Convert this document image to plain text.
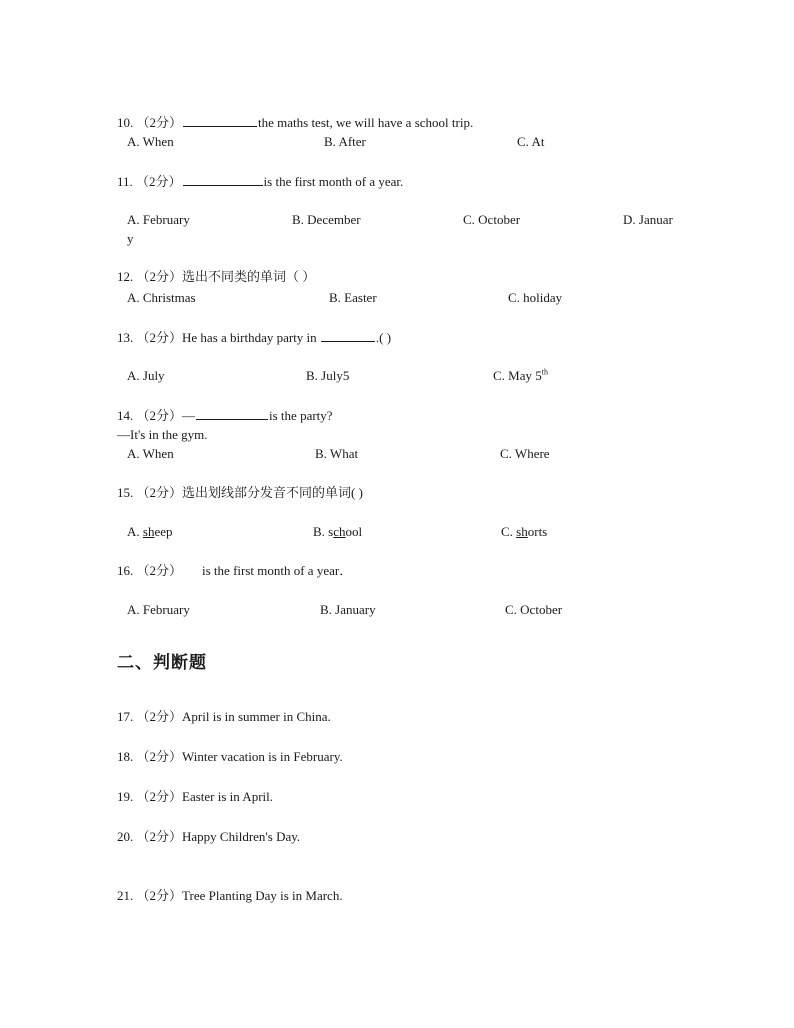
10. （2分）	the maths test, we will have a school trip.
A. When	B. After	C. At
11. （2分）	is the first month of a year.
A. February	B. December	C. October	D. Januar
y
12. （2分）选出不同类的单词（ ）
A. Christmas	B. Easter	C. holiday
13. （2分）He has a birthday party in	.( )
A. July	B. July5	C. May 5th
14. （2分）—	is the party?
—It's in the gym.
A. When	B. What	C. Where
15. （2分）选出划线部分发音不同的单词( )
A. sheep	B. school	C. shorts
16. （2分） is the first month of a year．
A. February	B. January	C. October
二、判断题
17. （2分）April is in summer in China.
18. （2分）Winter vacation is in February.
19. （2分）Easter is in April.
20. （2分）Happy Children's Day.
21. （2分）Tree Planting Day is in March.
